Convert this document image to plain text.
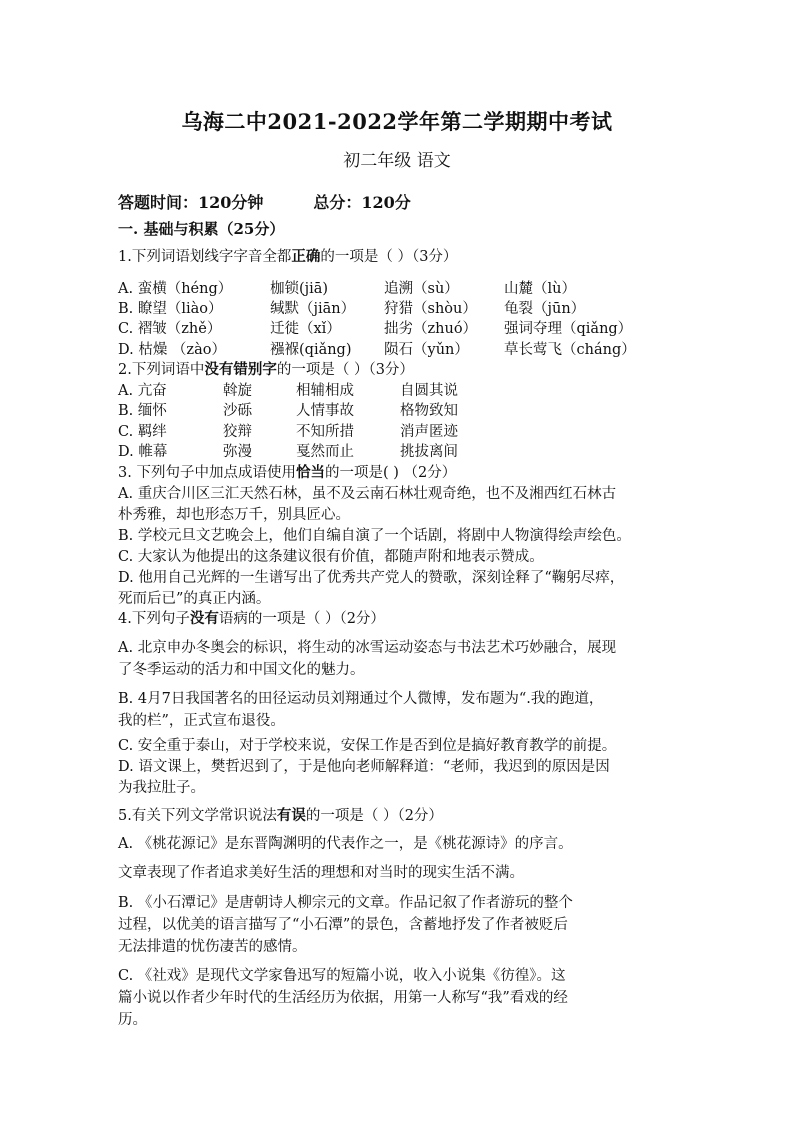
乌海二中2021-2022学年第二学期期中考试
初二年级 语文
答题时间：120分钟	总分：120分
一. 基础与积累（25分）
1.下列词语划线字字音全都正确的一项是（ ）（3分）
A. 蛮横（héng）	枷锁(jiā)	追溯（sù）	山麓（lù）
B. 瞭望（liào）	缄默（jiān） 狩猎（shòu） 龟裂（jūn）
C. 褶皱（zhě）	迁徙（xǐ）	拙劣（zhuó） 强词夺理（qiǎng）
D. 枯燥 （zào）	襁褓(qiǎng) 陨石（yǔn） 草长莺飞（cháng）
2.下列词语中没有错别字的一项是（ ）（3分）
A. 亢奋	斡旋	相辅相成	自圆其说
B. 缅怀	沙砾	人情事故	格物致知
C. 羁绊	狡辩	不知所措	消声匿迹
D. 帷幕	弥漫	戛然而止	挑拔离间
3. 下列句子中加点成语使用恰当的一项是( ) （2分）
A. 重庆合川区三汇天然石林，虽不及云南石林壮观奇绝，也不及湘西红石林古
朴秀雅，却也形态万千，别具匠心。
B. 学校元旦文艺晚会上，他们自编自演了一个话剧，将剧中人物演得绘声绘色。
C. 大家认为他提出的这条建议很有价值，都随声附和地表示赞成。
D. 他用自己光辉的一生谱写出了优秀共产党人的赞歌，深刻诠释了“鞠躬尽瘁，
死而后已”的真正内涵。
4.下列句子没有语病的一项是（ ）（2分）
A. 北京申办冬奥会的标识，将生动的冰雪运动姿态与书法艺术巧妙融合，展现
了冬季运动的活力和中国文化的魅力。
B. 4月7日我国著名的田径运动员刘翔通过个人微博，发布题为“.我的跑道，
我的栏”，正式宣布退役。
C. 安全重于泰山，对于学校来说，安保工作是否到位是搞好教育教学的前提。
D. 语文课上，樊哲迟到了，于是他向老师解释道：“老师，我迟到的原因是因
为我拉肚子。
5.有关下列文学常识说法有误的一项是（ ）（2分）
A. 《桃花源记》是东晋陶渊明的代表作之一，是《桃花源诗》的序言。
文章表现了作者追求美好生活的理想和对当时的现实生活不满。
B. 《小石潭记》是唐朝诗人柳宗元的文章。作品记叙了作者游玩的整个
过程，以优美的语言描写了“小石潭”的景色，含蓄地抒发了作者被贬后
无法排遣的忧伤凄苦的感情。
C. 《社戏》是现代文学家鲁迅写的短篇小说，收入小说集《彷徨》。这
篇小说以作者少年时代的生活经历为依据，用第一人称写“我”看戏的经
历。
